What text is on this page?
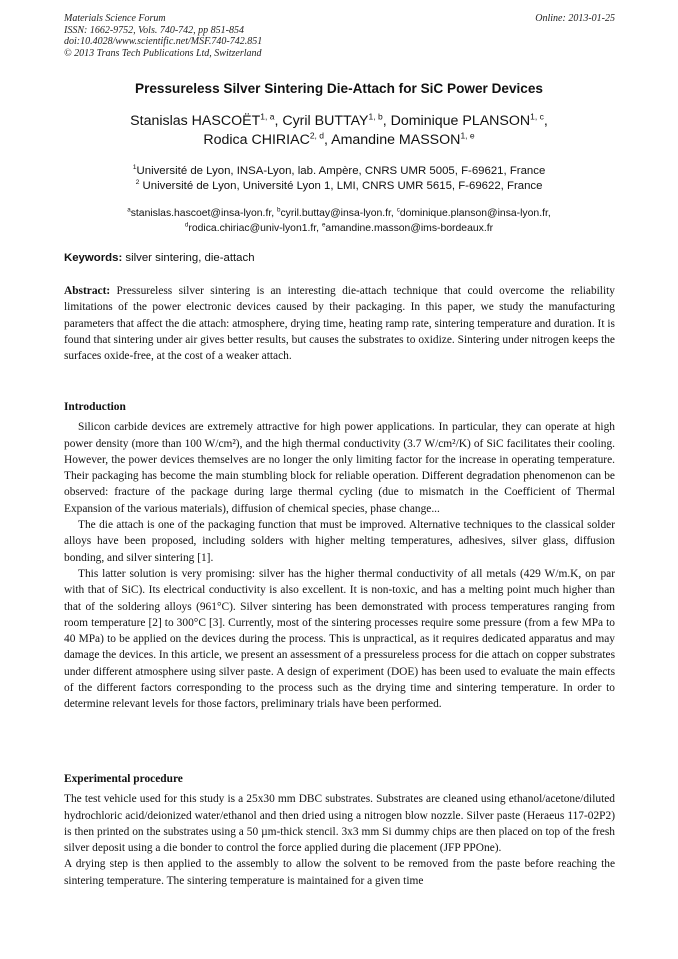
Materials Science Forum
ISSN: 1662-9752, Vols. 740-742, pp 851-854
doi:10.4028/www.scientific.net/MSF.740-742.851
© 2013 Trans Tech Publications Ltd, Switzerland
Online: 2013-01-25
Pressureless Silver Sintering Die-Attach for SiC Power Devices
Stanislas HASCOËT$^{1, a}$, Cyril BUTTAY$^{1, b}$, Dominique PLANSON$^{1, c}$,
Rodica CHIRIAC$^{2, d}$, Amandine MASSON$^{1, e}$
$^1$Université de Lyon, INSA-Lyon, lab. Ampère, CNRS UMR 5005, F-69621, France
$^2$ Université de Lyon, Université Lyon 1, LMI, CNRS UMR 5615, F-69622, France
$^a$stanislas.hascoet@insa-lyon.fr, $^b$cyril.buttay@insa-lyon.fr, $^c$dominique.planson@insa-lyon.fr,
$^d$rodica.chiriac@univ-lyon1.fr, $^e$amandine.masson@ims-bordeaux.fr
Keywords: silver sintering, die-attach
Abstract: Pressureless silver sintering is an interesting die-attach technique that could overcome the reliability limitations of the power electronic devices caused by their packaging. In this paper, we study the manufacturing parameters that affect the die attach: atmosphere, drying time, heating ramp rate, sintering temperature and duration. It is found that sintering under air gives better results, but causes the substrates to oxidize. Sintering under nitrogen keeps the surfaces oxide-free, at the cost of a weaker attach.
Introduction

Silicon carbide devices are extremely attractive for high power applications. In particular, they can operate at high power density (more than 100 W/cm²), and the high thermal conductivity (3.7 W/cm²/K) of SiC facilitates their cooling. However, the power devices themselves are no longer the only limiting factor for the increase in operating temperature. Their packaging has become the main stumbling block for reliable operation. Different degradation phenomenon can be observed: fracture of the package during large thermal cycling (due to mismatch in the Coefficient of Thermal Expansion of the various materials), diffusion of chemical species, phase change...

The die attach is one of the packaging function that must be improved. Alternative techniques to the classical solder alloys have been proposed, including solders with higher melting temperatures, adhesives, silver glass, diffusion bonding, and silver sintering [1].

This latter solution is very promising: silver has the higher thermal conductivity of all metals (429 W/m.K, on par with that of SiC). Its electrical conductivity is also excellent. It is non-toxic, and has a melting point much higher than that of the soldering alloys (961°C). Silver sintering has been demonstrated with process temperatures ranging from room temperature [2] to 300°C [3]. Currently, most of the sintering processes require some pressure (from a few MPa to 40 MPa) to be applied on the devices during the process. This is unpractical, as it requires dedicated apparatus and may damage the devices. In this article, we present an assessment of a pressureless process for die attach on copper substrates under different atmosphere using silver paste. A design of experiment (DOE) has been used to evaluate the main effects of the different factors corresponding to the process such as the drying time and sintering temperature. In order to determine relevant levels for those factors, preliminary trials have been performed.

Experimental procedure

The test vehicle used for this study is a 25x30 mm DBC substrates. Substrates are cleaned using ethanol/acetone/diluted hydrochloric acid/deionized water/ethanol and then dried using a nitrogen blow nozzle. Silver paste (Heraeus 117-02P2) is then printed on the substrates using a 50 µm-thick stencil. 3x3 mm Si dummy chips are then placed on top of the fresh silver deposit using a die bonder to control the force applied during die placement (JFP PPOne).

A drying step is then applied to the assembly to allow the solvent to be removed from the paste before reaching the sintering temperature. The sintering temperature is maintained for a given time
